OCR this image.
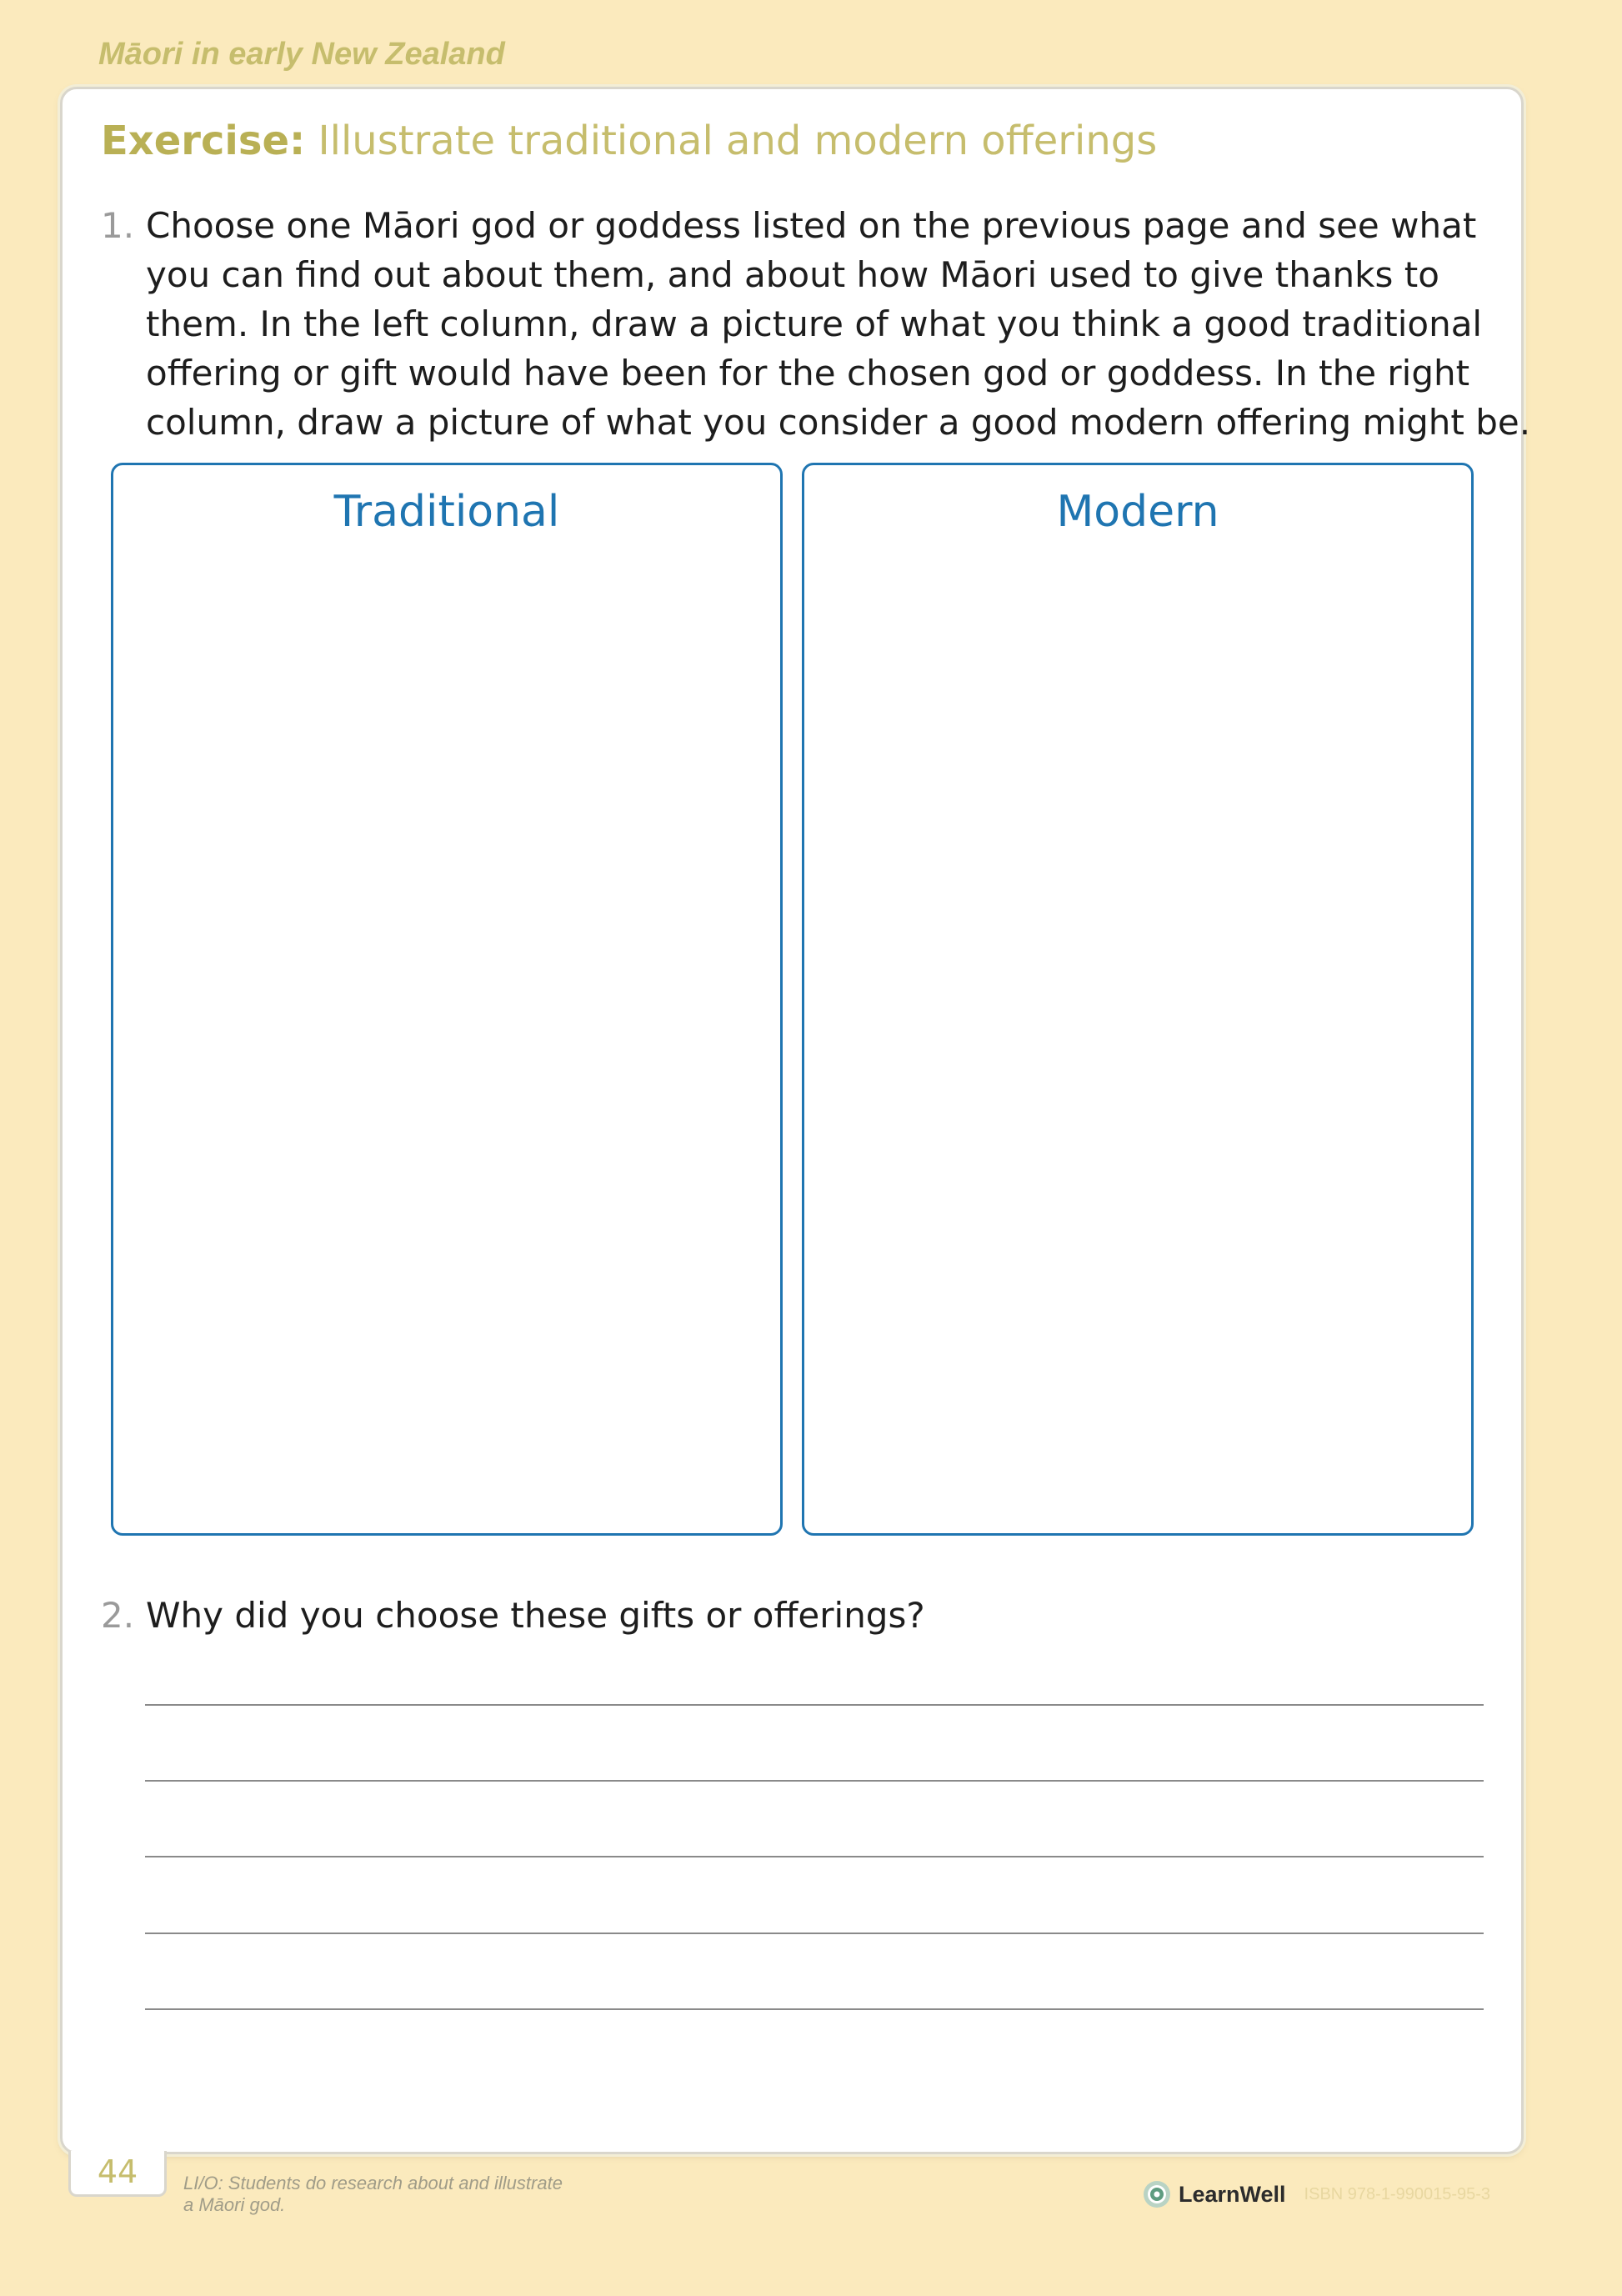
Māori in early New Zealand
Exercise: Illustrate traditional and modern offerings
1. Choose one Māori god or goddess listed on the previous page and see what
you can find out about them, and about how Māori used to give thanks to
them. In the left column, draw a picture of what you think a good traditional
offering or gift would have been for the chosen god or goddess. In the right
column, draw a picture of what you consider a good modern offering might be.
Traditional	Modern
2. Why did you choose these gifts or offerings?
44	LI/O: Students do research about and illustrate
a Māori god.	LearnWell ISBN 978-1-990015-95-3
